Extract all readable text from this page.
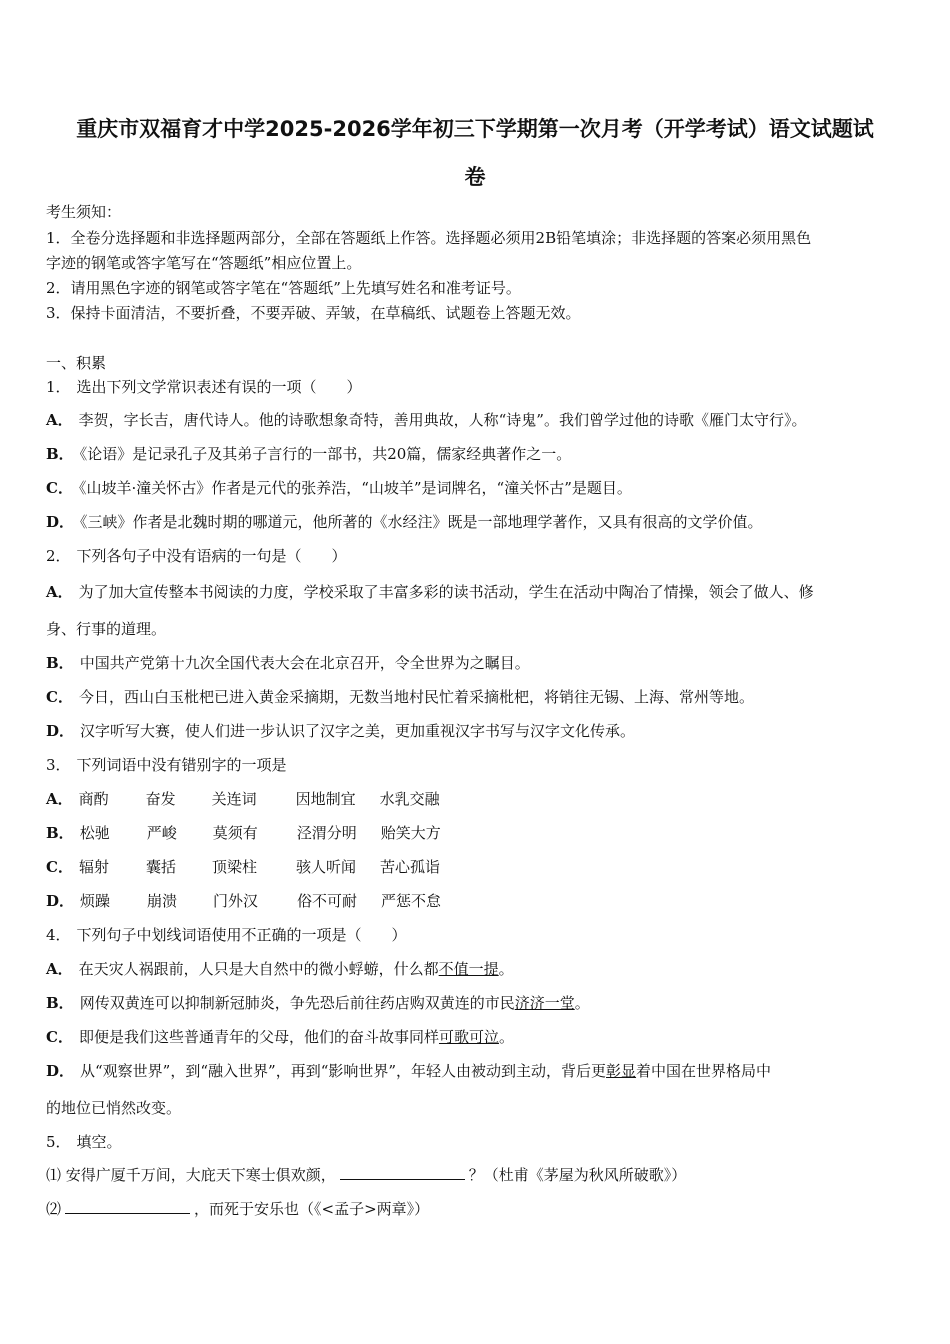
重庆市双福育才中学2025-2026学年初三下学期第一次月考（开学考试）语文试题试
卷
考生须知：
1．全卷分选择题和非选择题两部分，全部在答题纸上作答。选择题必须用2B铅笔填涂；非选择题的答案必须用黑色
字迹的钢笔或答字笔写在“答题纸”相应位置上。
2．请用黑色字迹的钢笔或答字笔在“答题纸”上先填写姓名和准考证号。
3．保持卡面清洁，不要折叠，不要弄破、弄皱，在草稿纸、试题卷上答题无效。
一、积累
1． 选出下列文学常识表述有误的一项（　　）
A． 李贺，字长吉，唐代诗人。他的诗歌想象奇特，善用典故，人称“诗鬼”。我们曾学过他的诗歌《雁门太守行》。
B． 《论语》是记录孔子及其弟子言行的一部书，共20篇，儒家经典著作之一。
C． 《山坡羊·潼关怀古》作者是元代的张养浩，“山坡羊”是词牌名，“潼关怀古”是题目。
D． 《三峡》作者是北魏时期的哪道元，他所著的《水经注》既是一部地理学著作，又具有很高的文学价值。
2． 下列各句子中没有语病的一句是（　　）
A． 为了加大宣传整本书阅读的力度，学校采取了丰富多彩的读书活动，学生在活动中陶冶了情操，领会了做人、修
身、行事的道理。
B． 中国共产党第十九次全国代表大会在北京召开，令全世界为之瞩目。
C． 今日，西山白玉枇杷已进入黄金采摘期，无数当地村民忙着采摘枇杷，将销往无锡、上海、常州等地。
D． 汉字听写大赛，使人们进一步认识了汉字之美，更加重视汉字书写与汉字文化传承。
3． 下列词语中没有错别字的一项是
A． 商酌 奋发 关连词	因地制宜 水乳交融
B． 松驰 严峻 莫须有	泾渭分明 贻笑大方
C． 辐射 囊括 顶梁柱	骇人听闻 苦心孤诣
D． 烦躁 崩溃 门外汉	俗不可耐 严惩不怠
4． 下列句子中划线词语使用不正确的一项是（　　）
A． 在天灾人祸跟前，人只是大自然中的微小蜉蝣，什么都不值一提。
B． 网传双黄连可以抑制新冠肺炎，争先恐后前往药店购双黄连的市民济济一堂。
C． 即便是我们这些普通青年的父母，他们的奋斗故事同样可歌可泣。
D． 从“观察世界”，到“融入世界”，再到“影响世界”，年轻人由被动到主动，背后更彰显着中国在世界格局中
的地位已悄然改变。
5． 填空。
⑴ 安得广厦千万间，大庇天下寒士俱欢颜，	？（杜甫《茅屋为秋风所破歌》）
⑵	，而死于安乐也（《<孟子>两章》）
